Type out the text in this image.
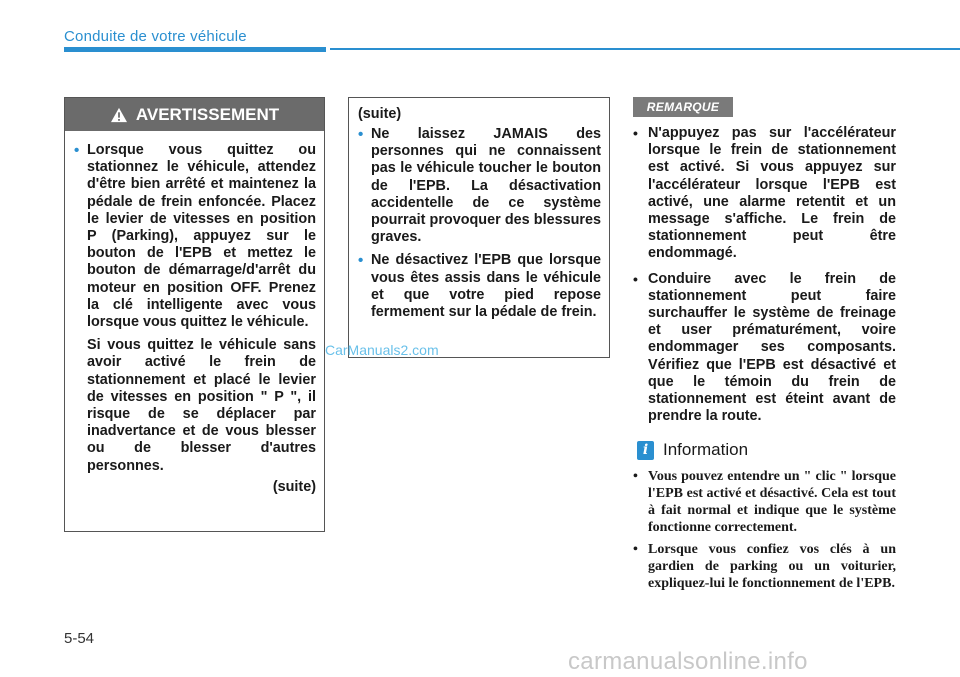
Conduite de votre véhicule
AVERTISSEMENT
• Lorsque vous quittez ou stationnez le véhicule, attendez d'être bien arrêté et maintenez la pédale de frein enfoncée. Placez le levier de vitesses en position P (Parking), appuyez sur le bouton de l'EPB et mettez le bouton de démarrage/d'arrêt du moteur en position OFF. Prenez la clé intelligente avec vous lorsque vous quittez le véhicule.
Si vous quittez le véhicule sans avoir activé le frein de stationnement et placé le levier de vitesses en position " P ", il risque de se déplacer par inadvertance et de vous blesser ou de blesser d'autres personnes.
(suite)
(suite)
• Ne laissez JAMAIS des personnes qui ne connaissent pas le véhicule toucher le bouton de l'EPB. La désactivation accidentelle de ce système pourrait provoquer des blessures graves.
• Ne désactivez l'EPB que lorsque vous êtes assis dans le véhicule et que votre pied repose fermement sur la pédale de frein.
CarManuals2.com
REMARQUE
• N'appuyez pas sur l'accélérateur lorsque le frein de stationnement est activé. Si vous appuyez sur l'accélérateur lorsque l'EPB est activé, une alarme retentit et un message s'affiche. Le frein de stationnement peut être endommagé.
• Conduire avec le frein de stationnement peut faire surchauffer le système de freinage et user prématurément, voire endommager ses composants. Vérifiez que l'EPB est désactivé et que le témoin du frein de stationnement est éteint avant de prendre la route.
i Information
• Vous pouvez entendre un " clic " lorsque l'EPB est activé et désactivé. Cela est tout à fait normal et indique que le système fonctionne correctement.
• Lorsque vous confiez vos clés à un gardien de parking ou un voiturier, expliquez-lui le fonctionnement de l'EPB.
5-54
carmanualsonline.info
